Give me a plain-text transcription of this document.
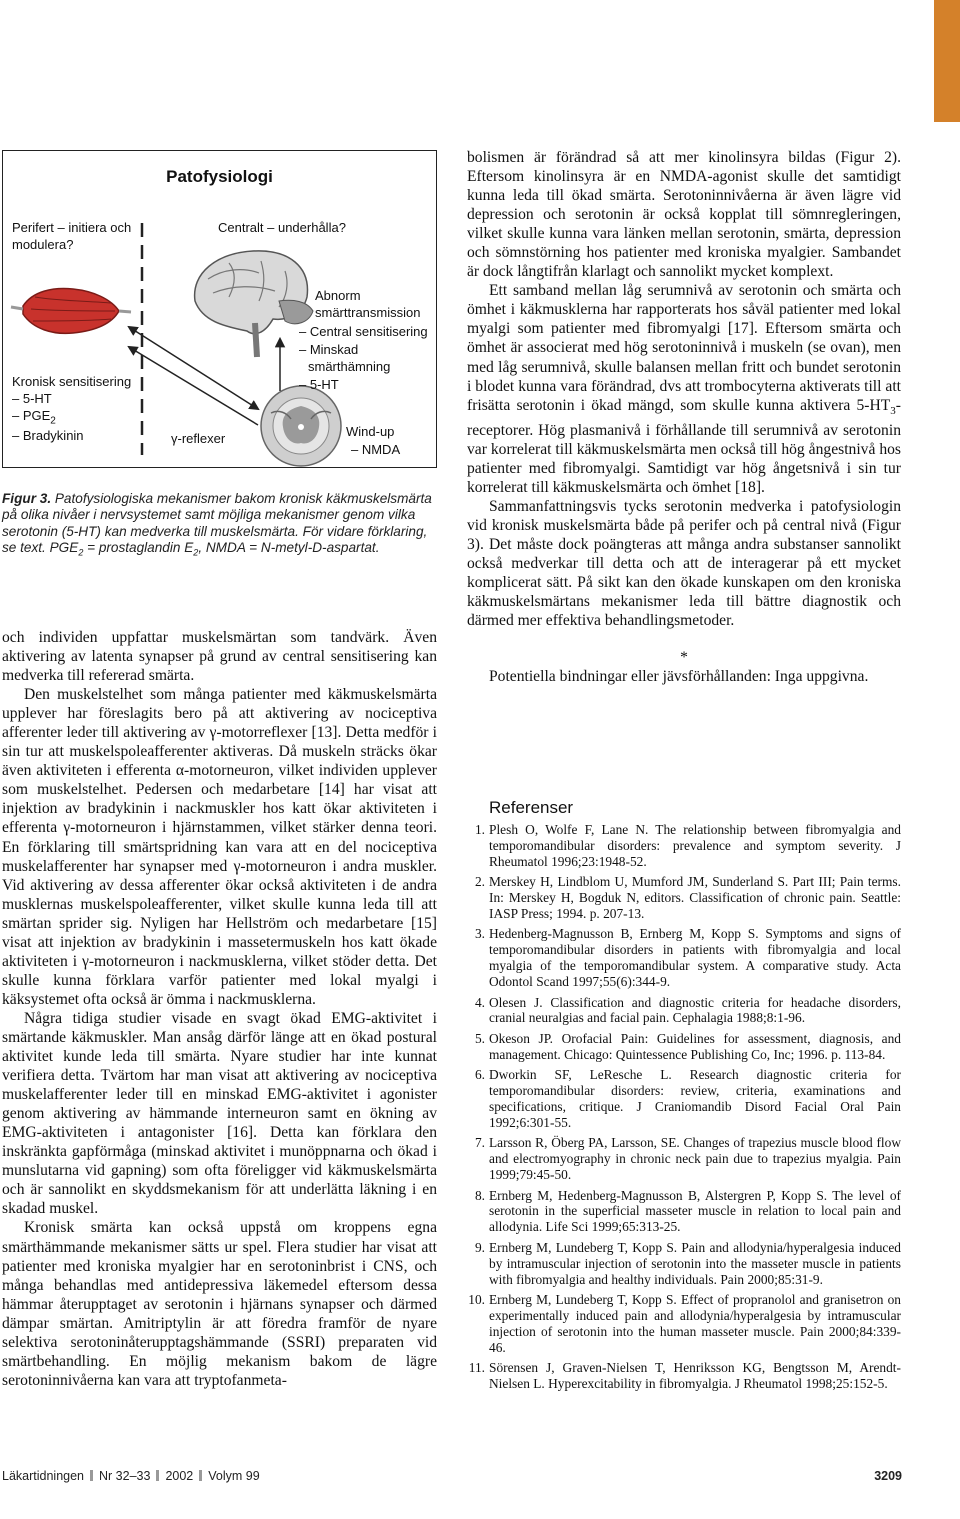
Patofysiologi
Perifert – initiera och
modulera?
Centralt – underhålla?
Kronisk sensitisering
– 5-HT
– $PGE_2$
– Bradykinin
Abnorm
smärttransmission
– Central sensitisering
– Minskad
smärthämning
– 5-HT
γ-reflexer	Wind-up
– NMDA
Figur 3. Patofysiologiska mekanismer bakom kronisk käkmuskelsmärta på olika nivåer i nervsystemet samt möjliga mekanismer genom vilka serotonin (5-HT) kan medverka till muskelsmärta. För vidare förklaring, se text. $PGE_2$ = prostaglandin $E_2$, NMDA = N-metyl-D-aspartat.

och individen uppfattar muskelsmärtan som tandvärk. Även aktivering av latenta synapser på grund av central sensitisering kan medverka till refererad smärta.

Den muskelstelhet som många patienter med käkmuskelsmärta upplever har föreslagits bero på att aktivering av nociceptiva afferenter leder till aktivering av γ-motorreflexer [13]. Detta medför i sin tur att muskelspoleafferenter aktiveras. Då muskeln sträcks ökar även aktiviteten i efferenta α-motorneuron, vilket individen upplever som muskelstelhet. Pedersen och medarbetare [14] har visat att injektion av bradykinin i nackmuskler hos katt ökar aktiviteten i efferenta γ-motorneuron i hjärnstammen, vilket stärker denna teori. En förklaring till smärtspridning kan vara att en del nociceptiva muskelafferenter har synapser med γ-motorneuron i andra muskler. Vid aktivering av dessa afferenter ökar också aktiviteten i de andra musklernas muskelspoleafferenter, vilket skulle kunna leda till att smärtan sprider sig. Nyligen har Hellström och medarbetare [15] visat att injektion av bradykinin i massetermuskeln hos katt ökade aktiviteten i γ-motorneuron i nackmusklerna, vilket stöder detta. Det skulle kunna förklara varför patienter med lokal myalgi i käksystemet ofta också är ömma i nackmusklerna.

Några tidiga studier visade en svagt ökad EMG-aktivitet i smärtande käkmuskler. Man ansåg därför länge att en ökad postural aktivitet kunde leda till smärta. Nyare studier har inte kunnat verifiera detta. Tvärtom har man visat att aktivering av nociceptiva muskelafferenter leder till en minskad EMG-aktivitet i agonister genom aktivering av hämmande interneuron samt en ökning av EMG-aktiviteten i antagonister [16]. Detta kan förklara den inskränkta gapförmåga (minskad aktivitet i munöppnarna och ökad i munslutarna vid gapning) som ofta föreligger vid käkmuskelsmärta och är sannolikt en skyddsmekanism för att underlätta läkning i en skadad muskel.

Kronisk smärta kan också uppstå om kroppens egna smärthämmande mekanismer sätts ur spel. Flera studier har visat att patienter med kroniska myalgier har en serotoninbrist i CNS, och många behandlas med antidepressiva läkemedel eftersom dessa hämmar återupptaget av serotonin i hjärnans synapser och därmed dämpar smärtan. Amitriptylin är att föredra framför de nyare selektiva serotoninåterupptagshämmande (SSRI) preparaten vid smärtbehandling. En möjlig mekanism bakom de lägre serotoninnivåerna kan vara att tryptofanmeta-

bolismen är förändrad så att mer kinolinsyra bildas (Figur 2). Eftersom kinolinsyra är en NMDA-agonist skulle det samtidigt kunna leda till ökad smärta. Serotoninnivåerna är även lägre vid depression och serotonin är också kopplat till sömnregleringen, vilket skulle kunna vara länken mellan serotonin, smärta, depression och sömnstörning hos patienter med kroniska myalgier. Sambandet är dock långtifrån klarlagt och sannolikt mycket komplext.

Ett samband mellan låg serumnivå av serotonin och smärta och ömhet i käkmusklerna har rapporterats hos såväl patienter med lokal myalgi som patienter med fibromyalgi [17]. Eftersom smärta och ömhet är associerat med hög serotoninnivå i muskeln (se ovan), men med låg serumnivå, skulle balansen mellan fritt och bundet serotonin i blodet kunna vara förändrad, dvs att trombocyterna aktiverats till att frisätta serotonin i ökad mängd, som skulle kunna aktivera $5-HT_3$-receptorer. Hög plasmanivå i förhållande till serumnivå av serotonin var korrelerat till käkmuskelsmärta men också till hög ångestnivå hos patienter med fibromyalgi. Samtidigt var hög ångetsnivå i sin tur korrelerat till käkmuskelsmärta och ömhet [18].

Sammanfattningsvis tycks serotonin medverka i patofysiologin vid kronisk muskelsmärta både på perifer och på central nivå (Figur 3). Det måste dock poängteras att många andra substanser sannolikt också medverkar till detta och att de interagerar på ett mycket komplicerat sätt. På sikt kan den ökade kunskapen om den kroniska käkmuskelsmärtans mekanismer leda till bättre diagnostik och därmed mer effektiva behandlingsmetoder.

*

Potentiella bindningar eller jävsförhållanden: Inga uppgivna.

Referenser
1. Plesh O, Wolfe F, Lane N. The relationship between fibromyalgia and temporomandibular disorders: prevalence and symptom severity. J Rheumatol 1996;23:1948-52.
2. Merskey H, Lindblom U, Mumford JM, Sunderland S. Part III; Pain terms. In: Merskey H, Bogduk N, editors. Classification of chronic pain. Seattle: IASP Press; 1994. p. 207-13.
3. Hedenberg-Magnusson B, Ernberg M, Kopp S. Symptoms and signs of temporomandibular disorders in patients with fibromyalgia and local myalgia of the temporomandibular system. A comparative study. Acta Odontol Scand 1997;55(6):344-9.
4. Olesen J. Classification and diagnostic criteria for headache disorders, cranial neuralgias and facial pain. Cephalagia 1988;8:1-96.
5. Okeson JP. Orofacial Pain: Guidelines for assessment, diagnosis, and management. Chicago: Quintessence Publishing Co, Inc; 1996. p. 113-84.
6. Dworkin SF, LeResche L. Research diagnostic criteria for temporomandibular disorders: review, criteria, examinations and specifications, critique. J Craniomandib Disord Facial Oral Pain 1992;6:301-55.
7. Larsson R, Öberg PA, Larsson, SE. Changes of trapezius muscle blood flow and electromyography in chronic neck pain due to trapezius myalgia. Pain 1999;79:45-50.
8. Ernberg M, Hedenberg-Magnusson B, Alstergren P, Kopp S. The level of serotonin in the superficial masseter muscle in relation to local pain and allodynia. Life Sci 1999;65:313-25.
9. Ernberg M, Lundeberg T, Kopp S. Pain and allodynia/hyperalgesia induced by intramuscular injection of serotonin into the masseter muscle in patients with fibromyalgia and healthy individuals. Pain 2000;85:31-9.
10. Ernberg M, Lundeberg T, Kopp S. Effect of propranolol and granisetron on experimentally induced pain and allodynia/hyperalgesia by intramuscular injection of serotonin into the human masseter muscle. Pain 2000;84:339-46.
11. Sörensen J, Graven-Nielsen T, Henriksson KG, Bengtsson M, Arendt-Nielsen L. Hyperexcitability in fibromyalgia. J Rheumatol 1998;25:152-5.
Läkartidningen Nr 32–33 2002 Volym 99	3209
